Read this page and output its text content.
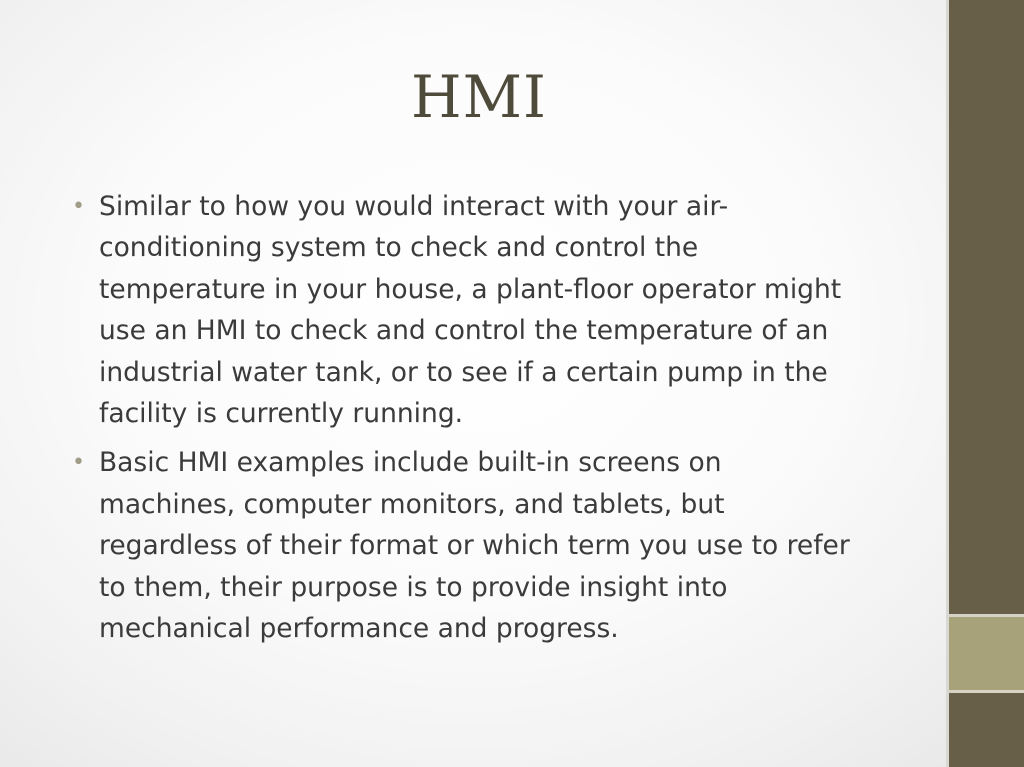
HMI
• Similar to how you would interact with your air-
conditioning system to check and control the
temperature in your house, a plant-floor operator might
use an HMI to check and control the temperature of an
industrial water tank, or to see if a certain pump in the
facility is currently running.
• Basic HMI examples include built-in screens on
machines, computer monitors, and tablets, but
regardless of their format or which term you use to refer
to them, their purpose is to provide insight into
mechanical performance and progress.
